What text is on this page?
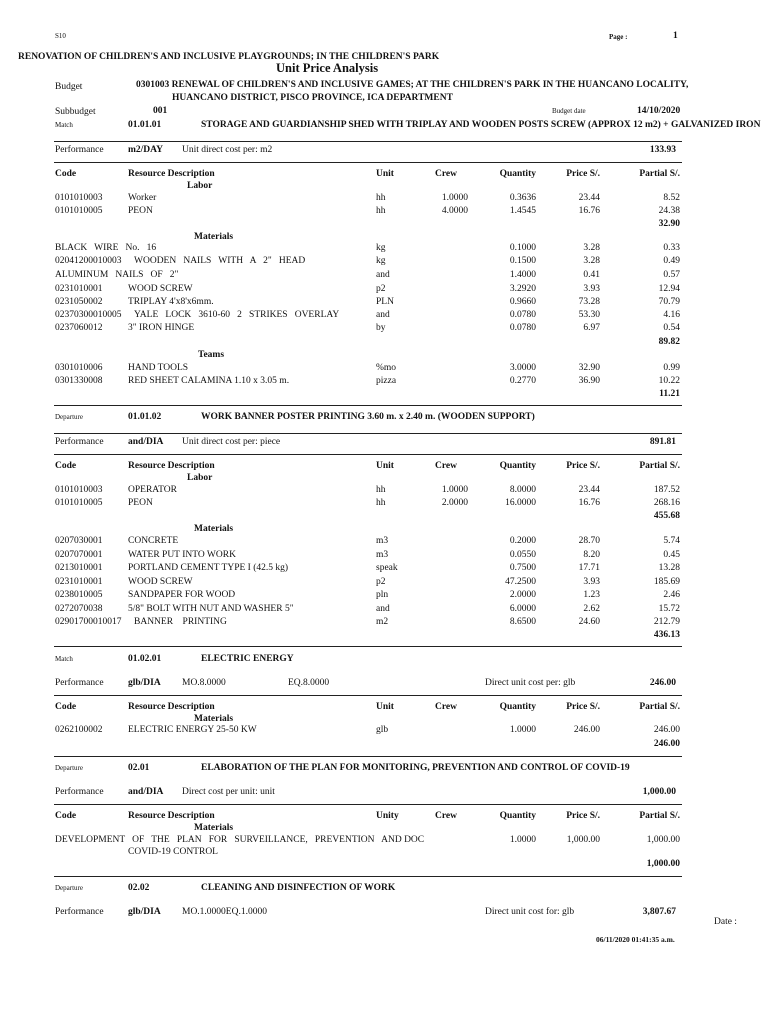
S10	Page :	1
RENOVATION OF CHILDREN'S AND INCLUSIVE PLAYGROUNDS; IN THE CHILDREN'S PARK
Unit Price Analysis
Budget	0301003 RENEWAL OF CHILDREN'S AND INCLUSIVE GAMES; AT THE CHILDREN'S PARK IN THE HUANCANO LOCALITY,
HUANCANO DISTRICT, PISCO PROVINCE, ICA DEPARTMENT
Subbudget	001	Budget date	14/10/2020
Match	01.01.01	STORAGE AND GUARDIANSHIP SHED WITH TRIPLAY AND WOODEN POSTS SCREW (APPROX 12 m2) + GALVANIZED IRON
Performance	m2/DAY	133.93
Unit direct cost per: m2
Code	Resource Description	Unit	Crew	Quantity	Price S/.	Partial S/.
Labor
0101010003	Worker	hh	1.0000	0.3636	23.44	8.52
0101010005	PEON	hh	4.0000	1.4545	16.76	24.38
32.90
Materials
BLACK   WIRE   No.   16	kg	0.1000	3.28	0.33
02041200010003 WOODEN   NAILS   WITH   A   2"   HEAD	kg	0.1500	3.28	0.49
ALUMINUM   NAILS   OF   2"	and	1.4000	0.41	0.57
0231010001	WOOD SCREW	p2	3.2920	3.93	12.94
0231050002	TRIPLAY 4'x8'x6mm.	PLN	0.9660	73.28	70.79
02370300010005 YALE   LOCK   3610-60   2   STRIKES   OVERLAY	and	0.0780	53.30	4.16
0237060012	3" IRON HINGE	by	0.0780	6.97	0.54
89.82
Teams
0301010006	HAND TOOLS	%mo	3.0000	32.90	0.99
0301330008	RED SHEET CALAMINA 1.10 x 3.05 m.	pizza	0.2770	36.90	10.22
11.21
Departure	01.01.02	WORK BANNER POSTER PRINTING 3.60 m. x 2.40 m. (WOODEN SUPPORT)
Performance	and/DIA	891.81
Unit direct cost per: piece
Code	Resource Description	Unit	Crew	Quantity	Price S/.	Partial S/.
Labor
0101010003	OPERATOR	hh	1.0000	8.0000	23.44	187.52
0101010005	PEON	hh	2.0000	16.0000	16.76	268.16
455.68
Materials
0207030001	CONCRETE	m3	0.2000	28.70	5.74
0207070001	WATER PUT INTO WORK	m3	0.0550	8.20	0.45
0213010001	PORTLAND CEMENT TYPE I (42.5 kg)	speak	0.7500	17.71	13.28
0231010001	WOOD SCREW	p2	47.2500	3.93	185.69
0238010005	SANDPAPER FOR WOOD	pln	2.0000	1.23	2.46
0272070038	5/8" BOLT WITH NUT AND WASHER 5"	and	6.0000	2.62	15.72
02901700010017 BANNER    PRINTING	m2	8.6500	24.60	212.79
436.13
Match	01.02.01	ELECTRIC ENERGY
Performance	glb/DIA	246.00
MO.8.0000	EQ.8.0000	Direct unit cost per: glb
Code	Resource Description	Unit	Crew	Quantity	Price S/.	Partial S/.
Materials
0262100002	ELECTRIC ENERGY 25-50 KW	glb	1.0000	246.00	246.00
246.00
Departure	02.01	ELABORATION OF THE PLAN FOR MONITORING, PREVENTION AND CONTROL OF COVID-19
Performance	and/DIA	1,000.00
Direct cost per unit: unit
Code	Resource Description	Unity	Crew	Quantity	Price S/.	Partial S/.
Materials
DEVELOPMENT   OF   THE   PLAN   FOR   SURVEILLANCE,   PREVENTION   AND DOC
COVID-19 CONTROL
1.0000	1,000.00	1,000.00
1,000.00
Departure	02.02	CLEANING AND DISINFECTION OF WORK
Performance	glb/DIA	3,807.67
MO.1.0000EQ.1.0000	Direct unit cost for: glb
Date :
06/11/2020 01:41:35 a.m.
